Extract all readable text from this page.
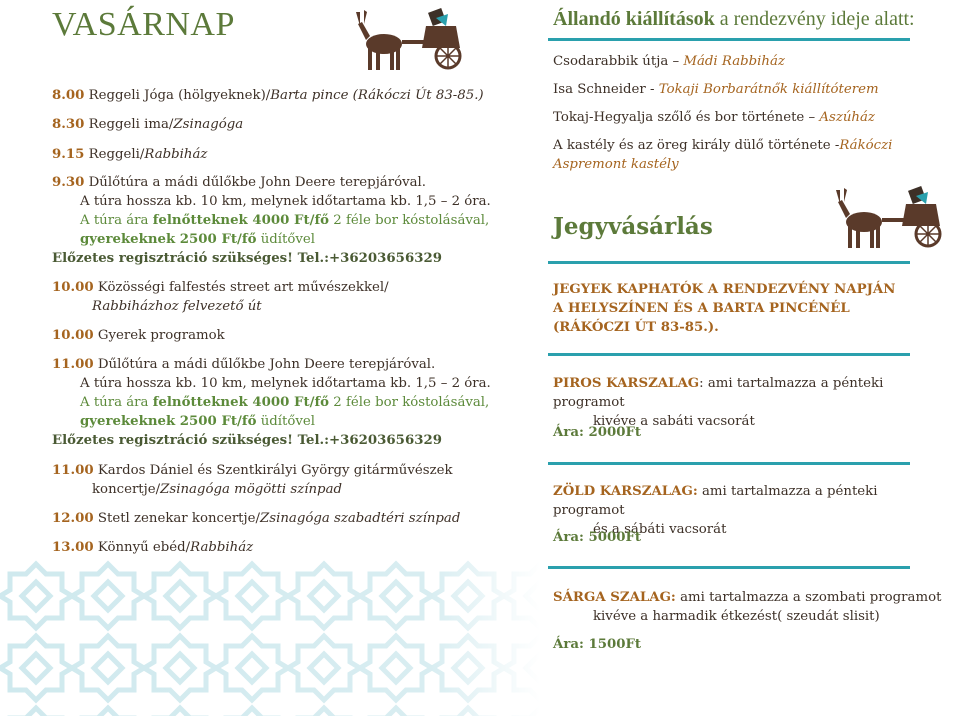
VASÁRNAP
8.00 Reggeli Jóga (hölgyeknek)/Barta pince (Rákóczi Út 83-85.)
8.30 Reggeli ima/Zsinagóga
9.15 Reggeli/Rabbiház
9.30 Dűlőtúra a mádi dűlőkbe John Deere terepjáróval.
A túra hossza kb. 10 km, melynek időtartama kb. 1,5 – 2 óra.
A túra ára felnőtteknek 4000 Ft/fő 2 féle bor kóstolásával,
gyerekeknek 2500 Ft/fő üdítővel
Előzetes regisztráció szükséges! Tel.:+36203656329
10.00 Közösségi falfestés street art művészekkel/
Rabbiházhoz felvezető út
10.00 Gyerek programok
11.00 Dűlőtúra a mádi dűlőkbe John Deere terepjáróval.
A túra hossza kb. 10 km, melynek időtartama kb. 1,5 – 2 óra.
A túra ára felnőtteknek 4000 Ft/fő 2 féle bor kóstolásával,
gyerekeknek 2500 Ft/fő üdítővel
Előzetes regisztráció szükséges! Tel.:+36203656329
11.00 Kardos Dániel és Szentkirályi György gitárművészek
koncertje/Zsinagóga mögötti színpad
12.00 Stetl zenekar koncertje/Zsinagóga szabadtéri színpad
13.00 Könnyű ebéd/Rabbiház
Állandó kiállítások a rendezvény ideje alatt:
Csodarabbik útja – Mádi Rabbiház
Isa Schneider - Tokaji Borbarátnők kiállítóterem
Tokaj-Hegyalja szőlő és bor története – Aszúház
A kastély és az öreg király dülő története -Rákóczi Aspremont kastély
Jegyvásárlás
JEGYEK KAPHATÓK A RENDEZVÉNY NAPJÁN
A HELYSZÍNEN ÉS A BARTA PINCÉNÉL
(RÁKÓCZI ÚT 83-85.).
PIROS KARSZALAG: ami tartalmazza a pénteki programot
kivéve a sabáti vacsorát
Ára: 2000Ft
ZÖLD KARSZALAG: ami tartalmazza a pénteki programot
és a sábáti vacsorát
Ára: 5000Ft
SÁRGA SZALAG: ami tartalmazza a szombati programot
kivéve a harmadik étkezést( szeudát slisit)
Ára: 1500Ft
